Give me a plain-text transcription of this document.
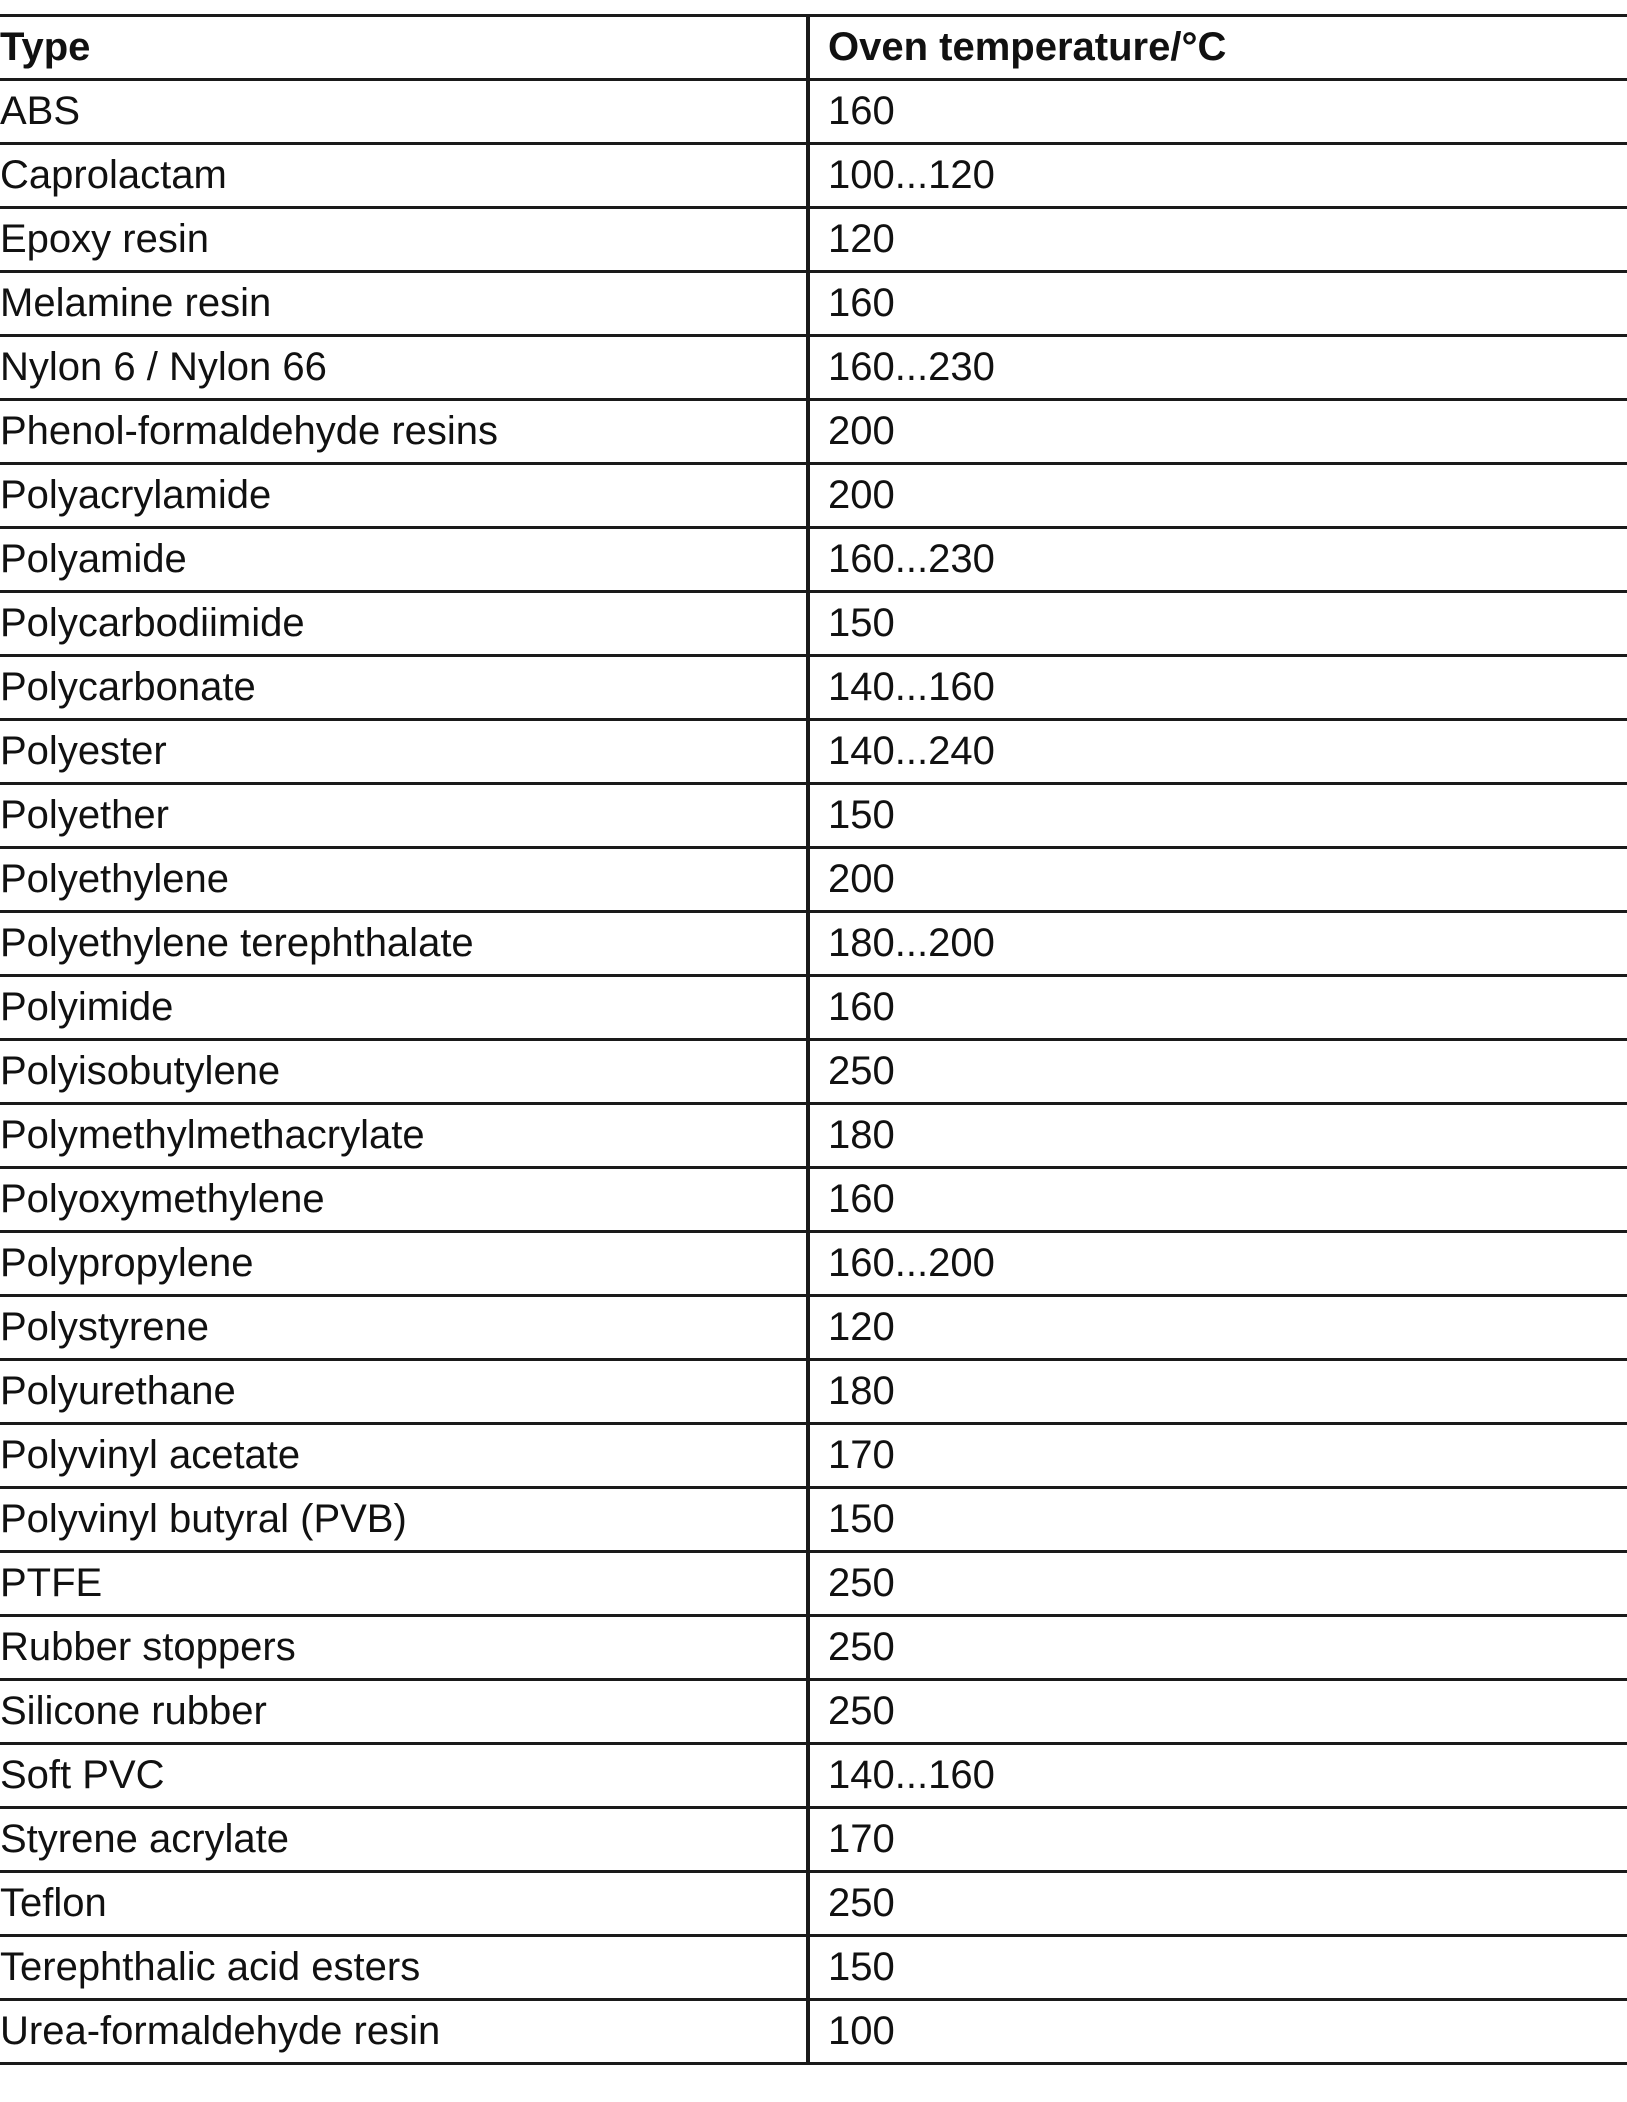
Type	Oven temperature/°C
ABS	160
Caprolactam	100...120
Epoxy resin	120
Melamine resin	160
Nylon 6 / Nylon 66	160...230
Phenol-formaldehyde resins	200
Polyacrylamide	200
Polyamide	160...230
Polycarbodiimide	150
Polycarbonate	140...160
Polyester	140...240
Polyether	150
Polyethylene	200
Polyethylene terephthalate	180...200
Polyimide	160
Polyisobutylene	250
Polymethylmethacrylate	180
Polyoxymethylene	160
Polypropylene	160...200
Polystyrene	120
Polyurethane	180
Polyvinyl acetate	170
Polyvinyl butyral (PVB)	150
PTFE	250
Rubber stoppers	250
Silicone rubber	250
Soft PVC	140...160
Styrene acrylate	170
Teflon	250
Terephthalic acid esters	150
Urea-formaldehyde resin	100
